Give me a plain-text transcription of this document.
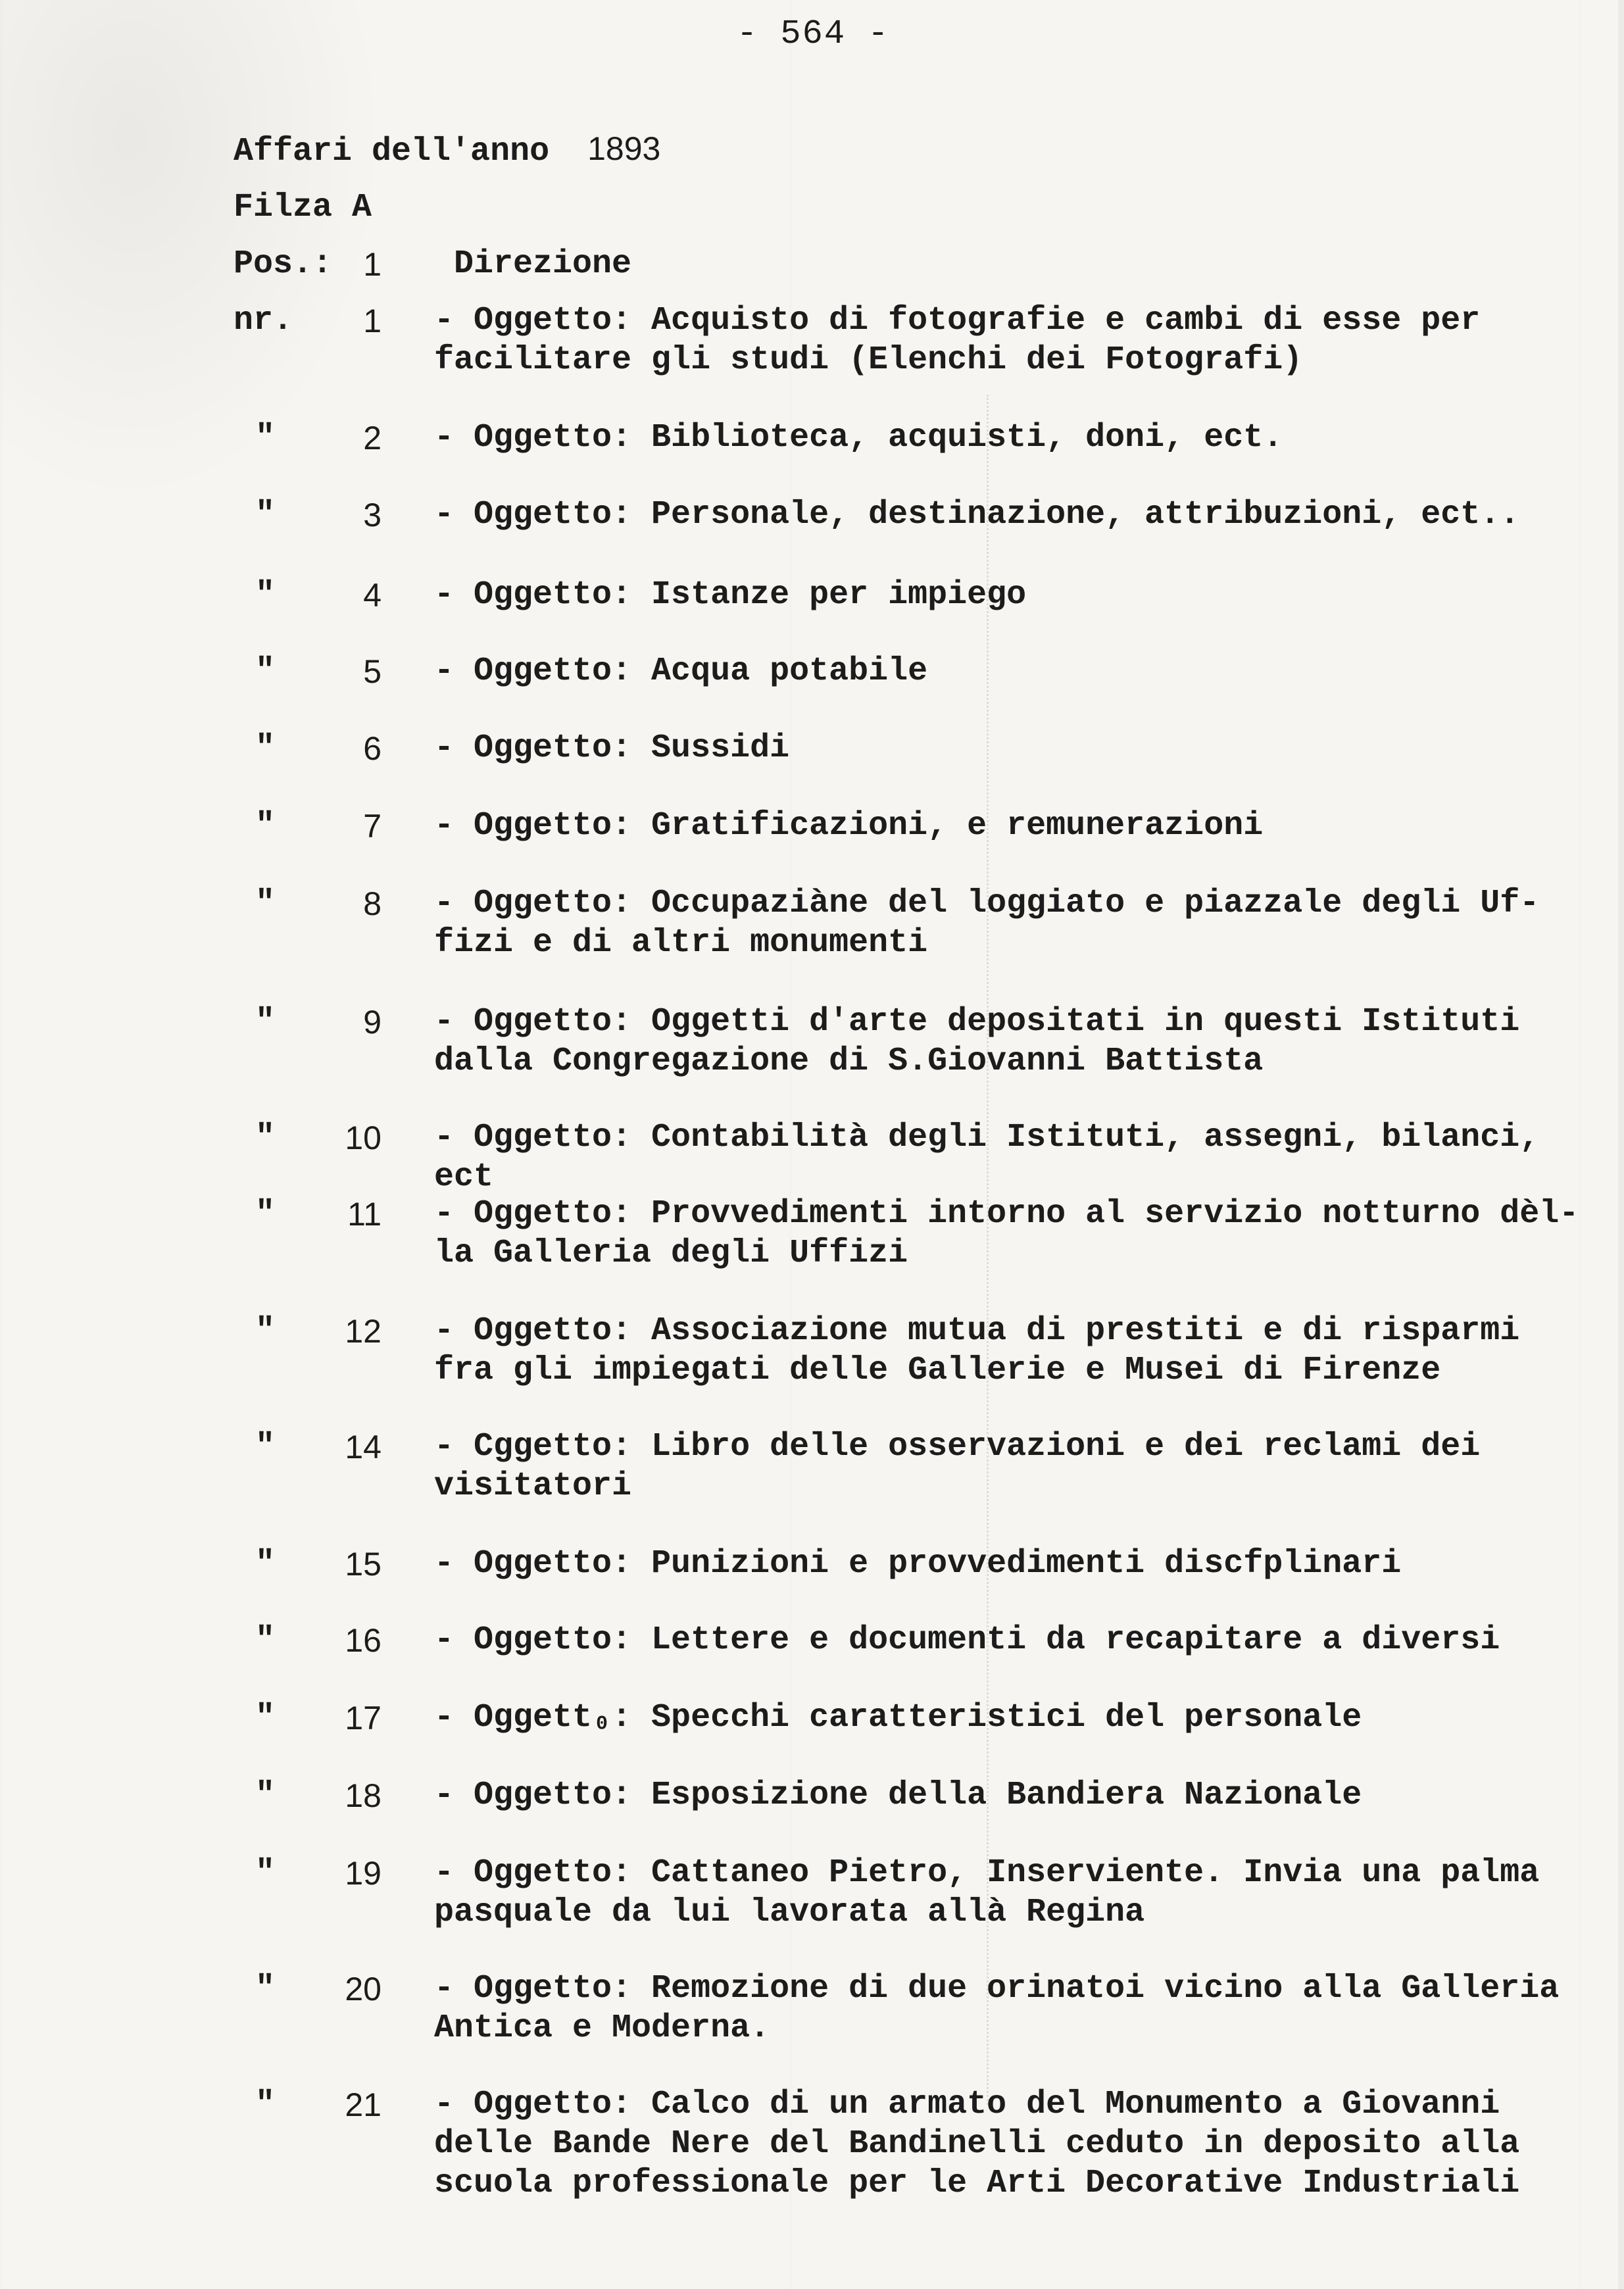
- 564 -
Affari dell'anno 1893
Filza A
Pos.: 1 Direzione
nr.	1 - Oggetto: Acquisto di fotografie e cambi di esse per
facilitare gli studi (Elenchi dei Fotografi)
"	2 - Oggetto: Biblioteca, acquisti, doni, ect.
"	3 - Oggetto: Personale, destinazione, attribuzioni, ect..
"	4 - Oggetto: Istanze per impiego
"	5 - Oggetto: Acqua potabile
"	6 - Oggetto: Sussidi
"	7 - Oggetto: Gratificazioni, e remunerazioni
"	8 - Oggetto: Occupaziàne del loggiato e piazzale degli Uf-
fizi e di altri monumenti
"	9 - Oggetto: Oggetti d'arte depositati in questi Istituti
dalla Congregazione di S.Giovanni Battista
"	10 - Oggetto: Contabilità degli Istituti, assegni, bilanci, ect
"	11 - Oggetto: Provvedimenti intorno al servizio notturno dèl-
la Galleria degli Uffizi
"	12 - Oggetto: Associazione mutua di prestiti e di risparmi
fra gli impiegati delle Gallerie e Musei di Firenze
"	14 - Cggetto: Libro delle osservazioni e dei reclami dei
visitatori
"	15 - Oggetto: Punizioni e provvedimenti discfplinari
"	16 - Oggetto: Lettere e documenti da recapitare a diversi
"	17 - Oggett₀: Specchi caratteristici del personale
"	18 - Oggetto: Esposizione della Bandiera Nazionale
"	19 - Oggetto: Cattaneo Pietro, Inserviente. Invia una palma
pasquale da lui lavorata allà Regina
"	20 - Oggetto: Remozione di due orinatoi vicino alla Galleria
Antica e Moderna.
"	21 - Oggetto: Calco di un armato del Monumento a Giovanni
delle Bande Nere del Bandinelli ceduto in deposito alla
scuola professionale per le Arti Decorative Industriali
